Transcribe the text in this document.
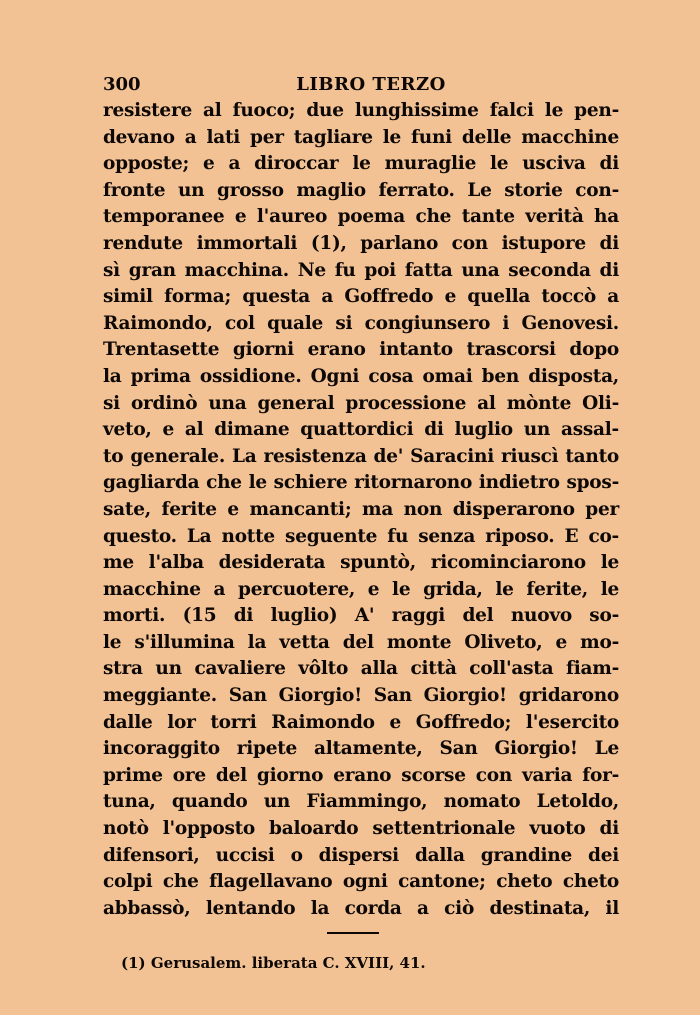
300	LIBRO TERZO
resistere al fuoco; due lunghissime falci le pen-
devano a lati per tagliare le funi delle macchine
opposte; e a diroccar le muraglie le usciva di
fronte un grosso maglio ferrato. Le storie con-
temporanee e l'aureo poema che tante verità ha
rendute immortali (1), parlano con istupore di
sì gran macchina. Ne fu poi fatta una seconda di
simil forma; questa a Goffredo e quella toccò a
Raimondo, col quale si congiunsero i Genovesi.
Trentasette giorni erano intanto trascorsi dopo
la prima ossidione. Ogni cosa omai ben disposta,
si ordinò una general processione al mònte Oli-
veto, e al dimane quattordici di luglio un assal-
to generale. La resistenza de' Saracini riuscì tanto
gagliarda che le schiere ritornarono indietro spos-
sate, ferite e mancanti; ma non disperarono per
questo. La notte seguente fu senza riposo. E co-
me l'alba desiderata spuntò, ricominciarono le
macchine a percuotere, e le grida, le ferite, le
morti. (15 di luglio) A' raggi del nuovo so-
le s'illumina la vetta del monte Oliveto, e mo-
stra un cavaliere vôlto alla città coll'asta fiam-
meggiante. San Giorgio! San Giorgio! gridarono
dalle lor torri Raimondo e Goffredo; l'esercito
incoraggito ripete altamente, San Giorgio! Le
prime ore del giorno erano scorse con varia for-
tuna, quando un Fiammingo, nomato Letoldo,
notò l'opposto baloardo settentrionale vuoto di
difensori, uccisi o dispersi dalla grandine dei
colpi che flagellavano ogni cantone; cheto cheto
abbassò, lentando la corda a ciò destinata, il
(1) Gerusalem. liberata C. XVIII, 41.
